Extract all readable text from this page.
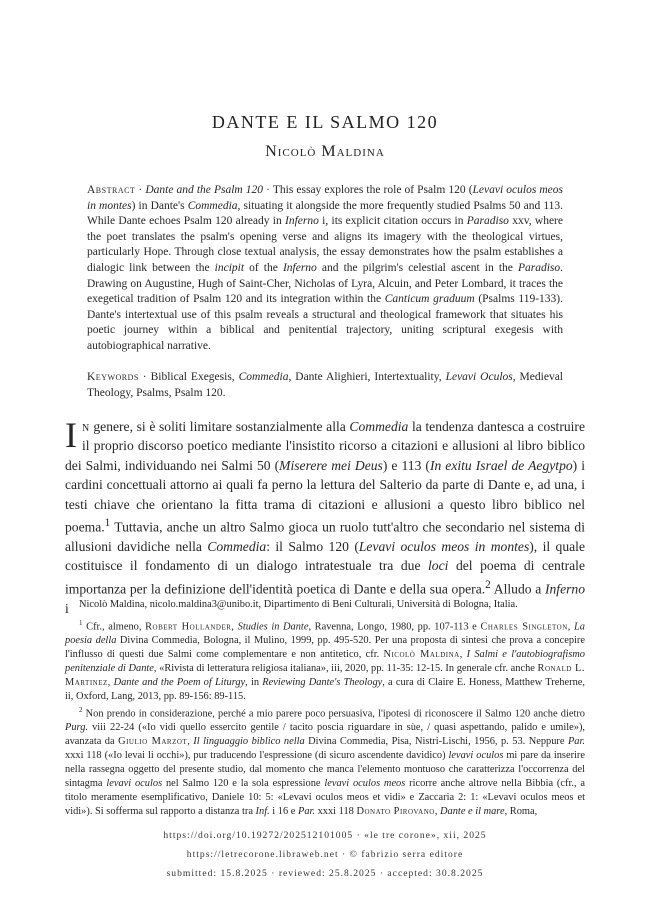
DANTE E IL SALMO 120
Nicolò Maldina

Abstract · Dante and the Psalm 120 · This essay explores the role of Psalm 120 (Levavi oculos meos in montes) in Dante's Commedia, situating it alongside the more frequently studied Psalms 50 and 113. While Dante echoes Psalm 120 already in Inferno i, its explicit citation occurs in Paradiso xxv, where the poet translates the psalm's opening verse and aligns its imagery with the theological virtues, particularly Hope. Through close textual analysis, the essay demonstrates how the psalm establishes a dialogic link between the incipit of the Inferno and the pilgrim's celestial ascent in the Paradiso. Drawing on Augustine, Hugh of Saint-Cher, Nicholas of Lyra, Alcuin, and Peter Lombard, it traces the exegetical tradition of Psalm 120 and its integration within the Canticum graduum (Psalms 119-133). Dante's intertextual use of this psalm reveals a structural and theological framework that situates his poetic journey within a biblical and penitential trajectory, uniting scriptural exegesis with autobiographical narrative.

Keywords · Biblical Exegesis, Commedia, Dante Alighieri, Intertextuality, Levavi Oculos, Medieval Theology, Psalms, Psalm 120.

In genere, si è soliti limitare sostanzialmente alla Commedia la tendenza dantesca a costruire il proprio discorso poetico mediante l'insistito ricorso a citazioni e allusioni al libro biblico dei Salmi, individuando nei Salmi 50 (Miserere mei Deus) e 113 (In exitu Israel de Aegytpo) i cardini concettuali attorno ai quali fa perno la lettura del Salterio da parte di Dante e, ad una, i testi chiave che orientano la fitta trama di citazioni e allusioni a questo libro biblico nel poema.$^1$ Tuttavia, anche un altro Salmo gioca un ruolo tutt'altro che secondario nel sistema di allusioni davidiche nella Commedia: il Salmo 120 (Levavi oculos meos in montes), il quale costituisce il fondamento di un dialogo intratestuale tra due loci del poema di centrale importanza per la definizione dell'identità poetica di Dante e della sua opera.$^2$ Alludo a Inferno i Nicolò Maldina, nicolo.maldina3@unibo.it, Dipartimento di Beni Culturali, Università di Bologna, Italia.

$^1$ Cfr., almeno, Robert Hollander, Studies in Dante, Ravenna, Longo, 1980, pp. 107-113 e Charles Singleton, La poesia della Divina Commedia, Bologna, il Mulino, 1999, pp. 495-520. Per una proposta di sintesi che prova a concepire l'influsso di questi due Salmi come complementare e non antitetico, cfr. Nicolò Maldina, I Salmi e l'autobiografismo penitenziale di Dante, «Rivista di letteratura religiosa italiana», iii, 2020, pp. 11-35: 12-15. In generale cfr. anche Ronald L. Martinez, Dante and the Poem of Liturgy, in Reviewing Dante's Theology, a cura di Claire E. Honess, Matthew Treherne, ii, Oxford, Lang, 2013, pp. 89-156: 89-115.

$^2$ Non prendo in considerazione, perché a mio parere poco persuasiva, l'ipotesi di riconoscere il Salmo 120 anche dietro Purg. viii 22-24 («Io vidi quello essercito gentile / tacito poscia riguardare in sùe, / quasi aspettando, palido e umile»), avanzata da Giulio Marzot, Il linguaggio biblico nella Divina Commedia, Pisa, Nistri-Lischi, 1956, p. 53. Neppure Par. xxxi 118 («Io levai li occhi»), pur traducendo l'espressione (di sicuro ascendente davidico) levavi oculos mi pare da inserire nella rassegna oggetto del presente studio, dal momento che manca l'elemento montuoso che caratterizza l'occorrenza del sintagma levavi oculos nel Salmo 120 e la sola espressione levavi oculos meos ricorre anche altrove nella Bibbia (cfr., a titolo meramente esemplificativo, Daniele 10: 5: «Levavi oculos meos et vidi» e Zaccaria 2: 1: «Levavi oculos meos et vidi»). Si sofferma sul rapporto a distanza tra Inf. i 16 e Par. xxxi 118 Donato Pirovano, Dante e il mare, Roma,

https://doi.org/10.19272/202512101005 · «le tre corone», xii, 2025
https://letrecorone.libraweb.net · © fabrizio serra editore
submitted: 15.8.2025 · reviewed: 25.8.2025 · accepted: 30.8.2025
